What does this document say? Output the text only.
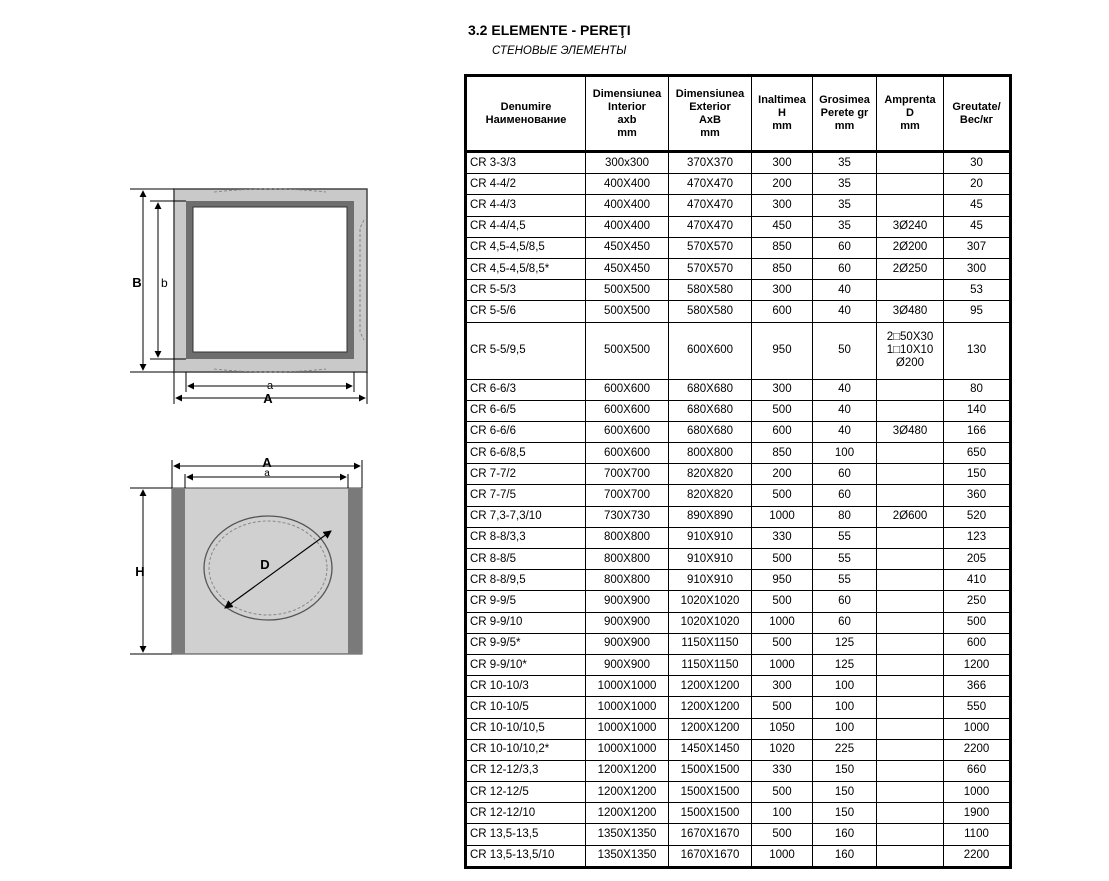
B b
a
A
A
a
H	D
3.2 ELEMENTE - PEREŢI
СТЕНОВЫЕ ЭЛЕМЕНТЫ
Denumire
Наименование	Dimensiunea
Interior
axb
mm	Dimensiunea
Exterior
AxB
mm	Inaltimea
H
mm	Grosimea
Perete gr
mm	Amprenta
D
mm	Greutate/
Вес/кг

CR 3-3/3	300x300	370X370	300	35		30
CR 4-4/2	400X400	470X470	200	35		20
CR 4-4/3	400X400	470X470	300	35		45
CR 4-4/4,5	400X400	470X470	450	35	3Ø240	45
CR 4,5-4,5/8,5	450X450	570X570	850	60	2Ø200	307
CR 4,5-4,5/8,5*	450X450	570X570	850	60	2Ø250	300
CR 5-5/3	500X500	580X580	300	40		53
CR 5-5/6	500X500	580X580	600	40	3Ø480	95
CR 5-5/9,5	500X500	600X600	950	50	2□50X30
1□10X10
Ø200	130
CR 6-6/3	600X600	680X680	300	40		80
CR 6-6/5	600X600	680X680	500	40		140
CR 6-6/6	600X600	680X680	600	40	3Ø480	166
CR 6-6/8,5	600X600	800X800	850	100		650
CR 7-7/2	700X700	820X820	200	60		150
CR 7-7/5	700X700	820X820	500	60		360
CR 7,3-7,3/10	730X730	890X890	1000	80	2Ø600	520
CR 8-8/3,3	800X800	910X910	330	55		123
CR 8-8/5	800X800	910X910	500	55		205
CR 8-8/9,5	800X800	910X910	950	55		410
CR 9-9/5	900X900	1020X1020	500	60		250
CR 9-9/10	900X900	1020X1020	1000	60		500
CR 9-9/5*	900X900	1150X1150	500	125		600
CR 9-9/10*	900X900	1150X1150	1000	125		1200
CR 10-10/3	1000X1000	1200X1200	300	100		366
CR 10-10/5	1000X1000	1200X1200	500	100		550
CR 10-10/10,5	1000X1000	1200X1200	1050	100		1000
CR 10-10/10,2*	1000X1000	1450X1450	1020	225		2200
CR 12-12/3,3	1200X1200	1500X1500	330	150		660
CR 12-12/5	1200X1200	1500X1500	500	150		1000
CR 12-12/10	1200X1200	1500X1500	100	150		1900
CR 13,5-13,5	1350X1350	1670X1670	500	160		1100
CR 13,5-13,5/10	1350X1350	1670X1670	1000	160		2200
